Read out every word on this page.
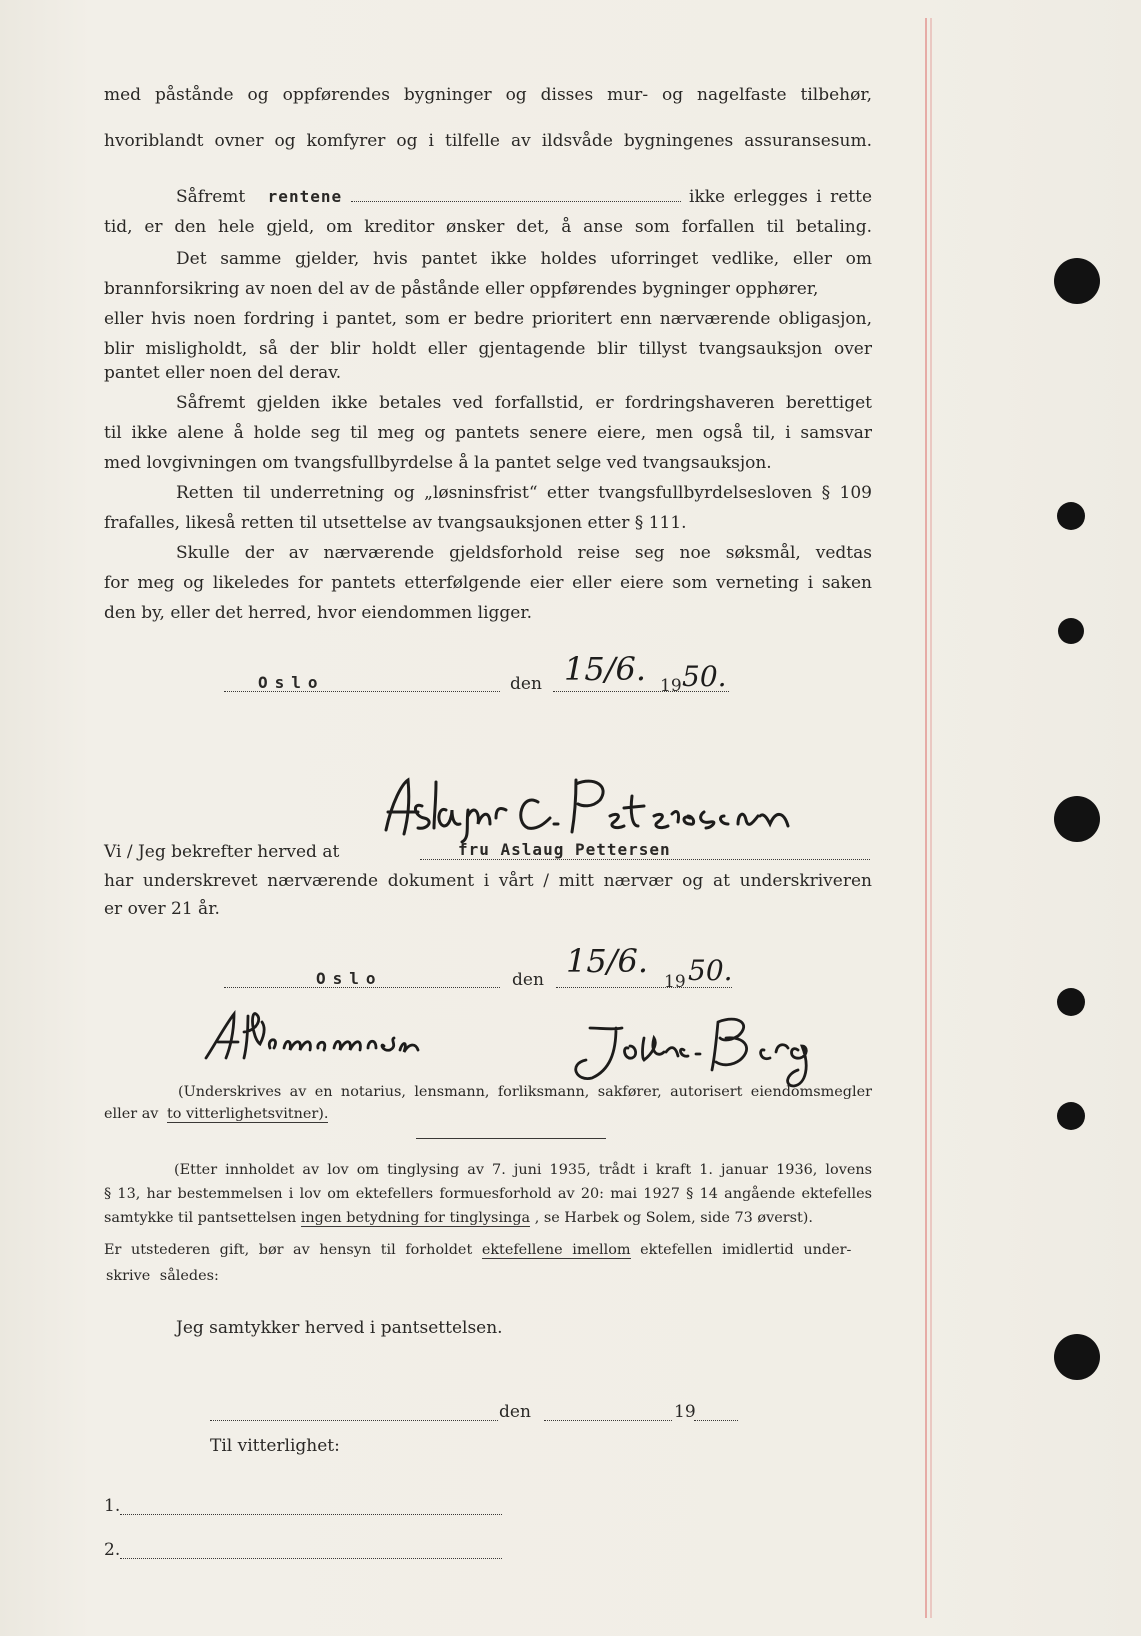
med påstånde og oppførendes bygninger og disses mur- og nagelfaste tilbehør,
hvoriblandt ovner og komfyrer og i tilfelle av ildsvåde bygningenes assuransesum.
Såfremt rentene	ikke erlegges i rette
tid, er den hele gjeld, om kreditor ønsker det, å anse som forfallen til betaling.
Det samme gjelder, hvis pantet ikke holdes uforringet vedlike, eller om
brannforsikring av noen del av de påstånde eller oppførendes bygninger opphører,
eller hvis noen fordring i pantet, som er bedre prioritert enn nærværende obligasjon,
blir misligholdt, så der blir holdt eller gjentagende blir tillyst tvangsauksjon over
pantet eller noen del derav.
Såfremt gjelden ikke betales ved forfallstid, er fordringshaveren berettiget
til ikke alene å holde seg til meg og pantets senere eiere, men også til, i samsvar
med lovgivningen om tvangsfullbyrdelse å la pantet selge ved tvangsauksjon.
Retten til underretning og „løsninsfrist“ etter tvangsfullbyrdelsesloven § 109
frafalles, likeså retten til utsettelse av tvangsauksjonen etter § 111.
Skulle der av nærværende gjeldsforhold reise seg noe søksmål, vedtas
for meg og likeledes for pantets etterfølgende eier eller eiere som verneting i saken
den by, eller det herred, hvor eiendommen ligger.
Oslo	den	19
15/6. 50.
Vi / Jeg bekrefter herved at	fru Aslaug Pettersen
har underskrevet nærværende dokument i vårt / mitt nærvær og at underskriveren
er over 21 år.
Oslo	den	19
15/6. 50.
(Underskrives av en notarius, lensmann, forliksmann, sakfører, autorisert eiendomsmegler
eller av to vitterlighetsvitner).
(Etter innholdet av lov om tinglysing av 7. juni 1935, trådt i kraft 1. januar 1936, lovens
§ 13, har bestemmelsen i lov om ektefellers formuesforhold av 20: mai 1927 § 14 angående ektefelles
samtykke til pantsettelsen ingen betydning for tinglysinga , se Harbek og Solem, side 73 øverst).
Er utstederen gift, bør av hensyn til forholdet ektefellene imellom ektefellen imidlertid under-
skrive således:
Jeg samtykker herved i pantsettelsen.
den	19
Til vitterlighet:
1.
2.
